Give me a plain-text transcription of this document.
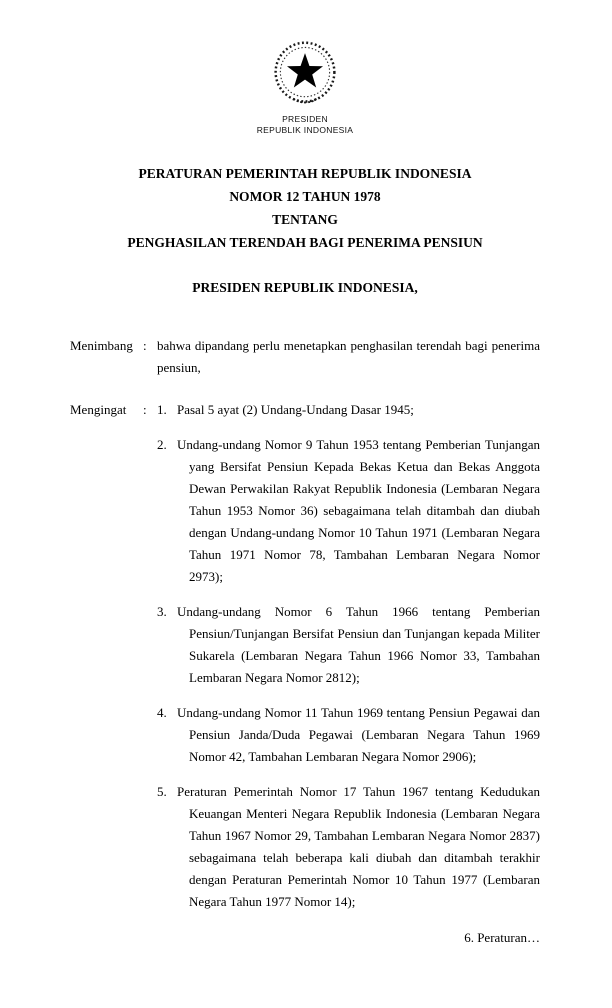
PRESIDEN
REPUBLIK INDONESIA
PERATURAN PEMERINTAH REPUBLIK INDONESIA
NOMOR 12 TAHUN 1978
TENTANG
PENGHASILAN TERENDAH BAGI PENERIMA PENSIUN
PRESIDEN REPUBLIK INDONESIA,
Menimbang : bahwa dipandang perlu menetapkan penghasilan terendah bagi penerima pensiun,
Mengingat	: 1. Pasal 5 ayat (2) Undang-Undang Dasar 1945;
2. Undang-undang Nomor 9 Tahun 1953 tentang Pemberian Tunjangan yang Bersifat Pensiun Kepada Bekas Ketua dan Bekas Anggota Dewan Perwakilan Rakyat Republik Indonesia (Lembaran Negara Tahun 1953 Nomor 36) sebagaimana telah ditambah dan diubah dengan Undang-undang Nomor 10 Tahun 1971 (Lembaran Negara Tahun 1971 Nomor 78, Tambahan Lembaran Negara Nomor 2973);
3. Undang-undang Nomor 6 Tahun 1966 tentang Pemberian Pensiun/Tunjangan Bersifat Pensiun dan Tunjangan kepada Militer Sukarela (Lembaran Negara Tahun 1966 Nomor 33, Tambahan Lembaran Negara Nomor 2812);
4. Undang-undang Nomor 11 Tahun 1969 tentang Pensiun Pegawai dan Pensiun Janda/Duda Pegawai (Lembaran Negara Tahun 1969 Nomor 42, Tambahan Lembaran Negara Nomor 2906);
5. Peraturan Pemerintah Nomor 17 Tahun 1967 tentang Kedudukan Keuangan Menteri Negara Republik Indonesia (Lembaran Negara Tahun 1967 Nomor 29, Tambahan Lembaran Negara Nomor 2837) sebagaimana telah beberapa kali diubah dan ditambah terakhir dengan Peraturan Pemerintah Nomor 10 Tahun 1977 (Lembaran Negara Tahun 1977 Nomor 14);
6. Peraturan…
